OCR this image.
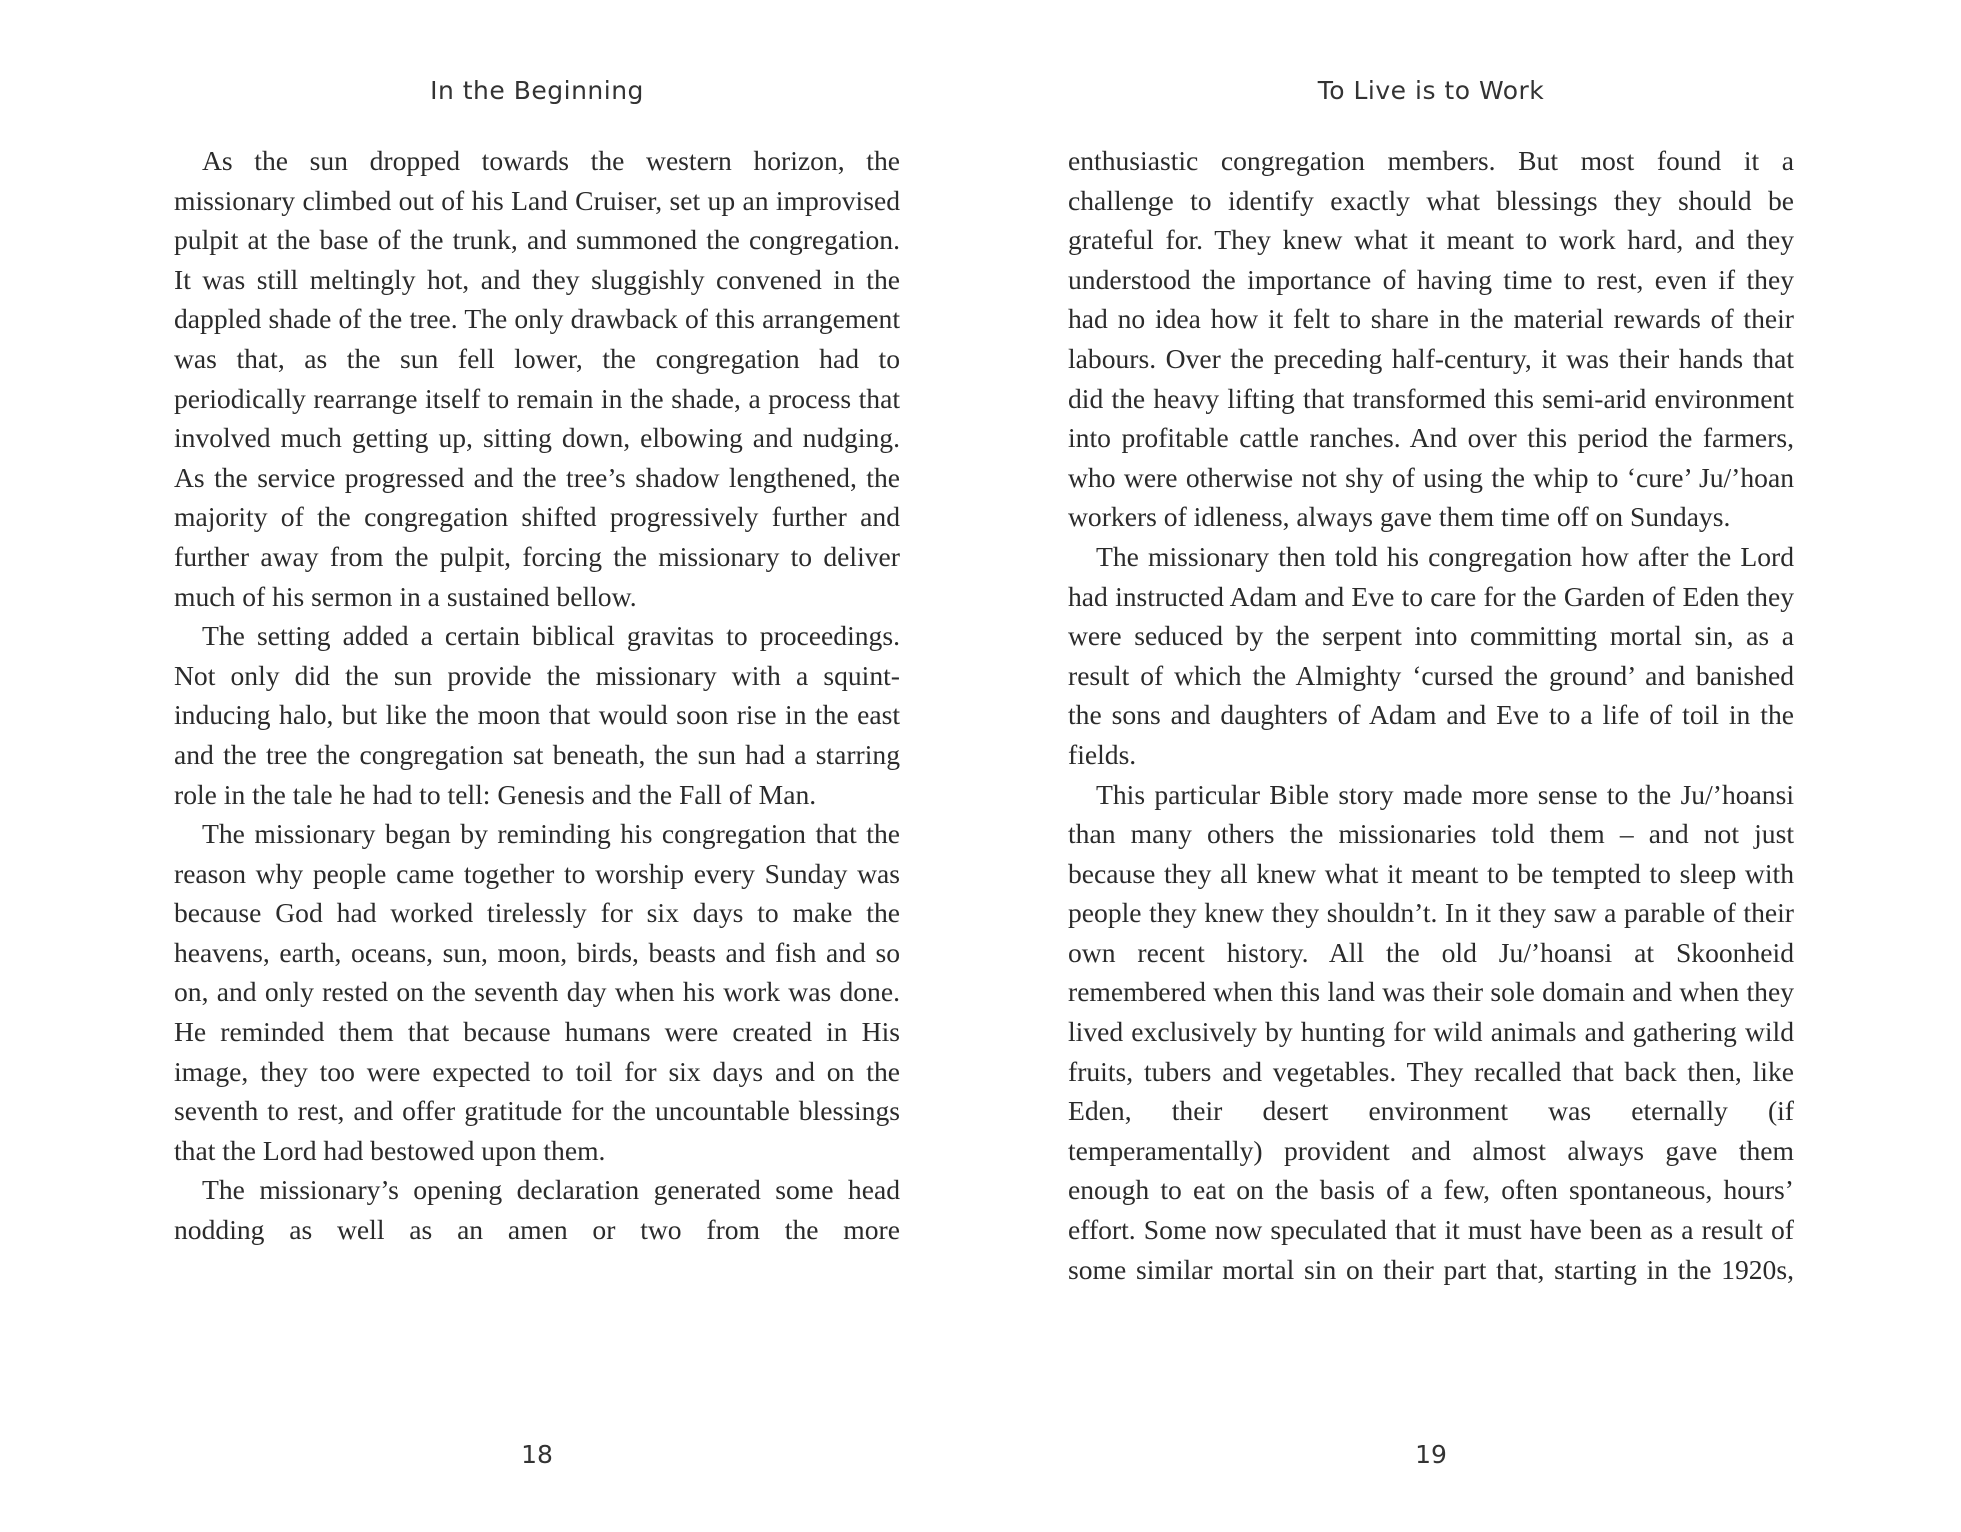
In the Beginning

As the sun dropped towards the western horizon, the missionary climbed out of his Land Cruiser, set up an improvised pulpit at the base of the trunk, and summoned the congregation. It was still meltingly hot, and they sluggishly convened in the dappled shade of the tree. The only drawback of this arrangement was that, as the sun fell lower, the congregation had to periodically rearrange itself to remain in the shade, a process that involved much getting up, sitting down, elbowing and nudging. As the service progressed and the tree’s shadow lengthened, the majority of the congregation shifted progressively further and further away from the pulpit, forcing the missionary to deliver much of his sermon in a sustained bellow.

The setting added a certain biblical gravitas to proceedings. Not only did the sun provide the missionary with a squint-inducing halo, but like the moon that would soon rise in the east and the tree the congregation sat beneath, the sun had a starring role in the tale he had to tell: Genesis and the Fall of Man.

The missionary began by reminding his congregation that the reason why people came together to worship every Sunday was because God had worked tirelessly for six days to make the heavens, earth, oceans, sun, moon, birds, beasts and fish and so on, and only rested on the seventh day when his work was done. He reminded them that because humans were created in His image, they too were expected to toil for six days and on the seventh to rest, and offer gratitude for the uncountable blessings that the Lord had bestowed upon them.

The missionary’s opening declaration generated some head nodding as well as an amen or two from the more

18
To Live is to Work

enthusiastic congregation members. But most found it a challenge to identify exactly what blessings they should be grateful for. They knew what it meant to work hard, and they understood the importance of having time to rest, even if they had no idea how it felt to share in the material rewards of their labours. Over the preceding half-century, it was their hands that did the heavy lifting that transformed this semi-arid environment into profitable cattle ranches. And over this period the farmers, who were otherwise not shy of using the whip to ‘cure’ Ju/’hoan workers of idleness, always gave them time off on Sundays.

The missionary then told his congregation how after the Lord had instructed Adam and Eve to care for the Garden of Eden they were seduced by the serpent into committing mortal sin, as a result of which the Almighty ‘cursed the ground’ and banished the sons and daughters of Adam and Eve to a life of toil in the fields.

This particular Bible story made more sense to the Ju/’hoansi than many others the missionaries told them – and not just because they all knew what it meant to be tempted to sleep with people they knew they shouldn’t. In it they saw a parable of their own recent history. All the old Ju/’hoansi at Skoonheid remembered when this land was their sole domain and when they lived exclusively by hunting for wild animals and gathering wild fruits, tubers and vegetables. They recalled that back then, like Eden, their desert environment was eternally (if temperamentally) provident and almost always gave them enough to eat on the basis of a few, often spontaneous, hours’ effort. Some now speculated that it must have been as a result of some similar mortal sin on their part that, starting in the 1920s,

19
